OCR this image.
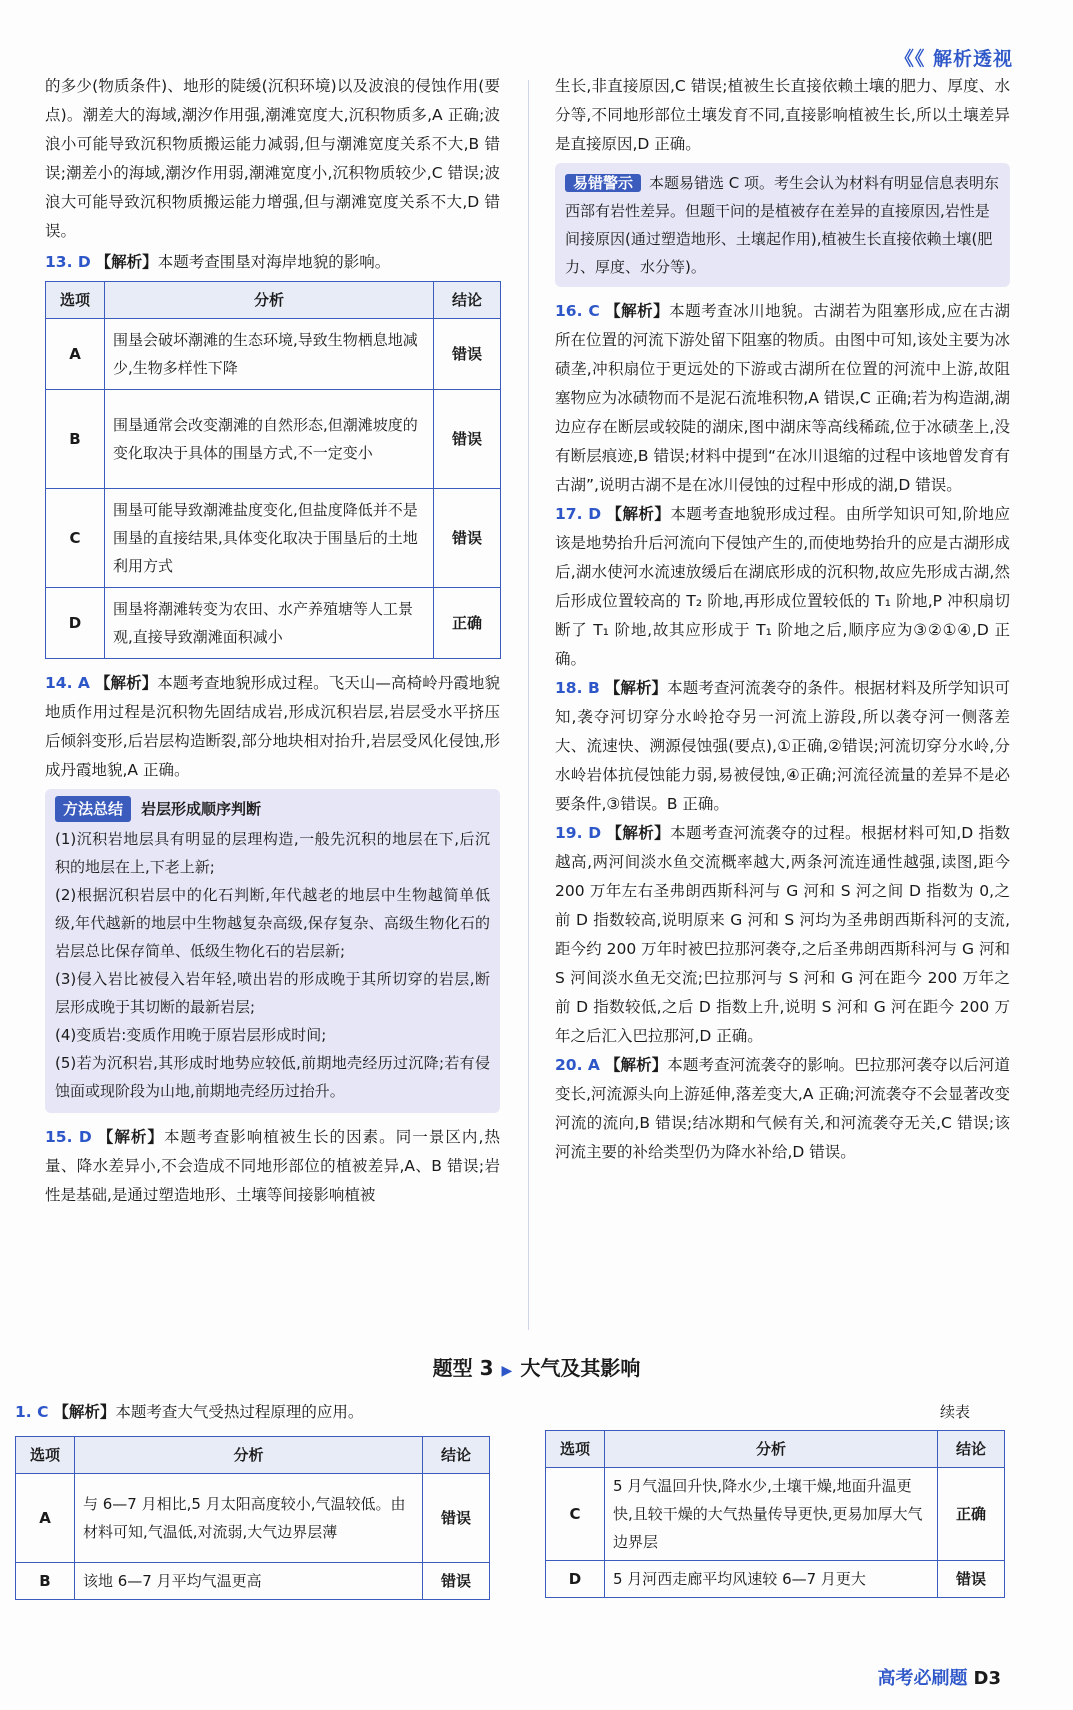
《《 解析透视

的多少(物质条件)、地形的陡缓(沉积环境)以及波浪的侵蚀作用(要点)。潮差大的海域,潮汐作用强,潮滩宽度大,沉积物质多,A 正确;波浪小可能导致沉积物质搬运能力减弱,但与潮滩宽度关系不大,B 错误;潮差小的海域,潮汐作用弱,潮滩宽度小,沉积物质较少,C 错误;波浪大可能导致沉积物质搬运能力增强,但与潮滩宽度关系不大,D 错误。

13. D 【解析】本题考查围垦对海岸地貌的影响。

选项	分析	结论
A	围垦会破坏潮滩的生态环境,导致生物栖息地减少,生物多样性下降	错误
B	围垦通常会改变潮滩的自然形态,但潮滩坡度的变化取决于具体的围垦方式,不一定变小	错误
C	围垦可能导致潮滩盐度变化,但盐度降低并不是围垦的直接结果,具体变化取决于围垦后的土地利用方式	错误
D	围垦将潮滩转变为农田、水产养殖塘等人工景观,直接导致潮滩面积减小	正确

14. A 【解析】本题考查地貌形成过程。飞天山—高椅岭丹霞地貌地质作用过程是沉积物先固结成岩,形成沉积岩层,岩层受水平挤压后倾斜变形,后岩层构造断裂,部分地块相对抬升,岩层受风化侵蚀,形成丹霞地貌,A 正确。

方法总结	岩层形成顺序判断

(1)沉积岩地层具有明显的层理构造,一般先沉积的地层在下,后沉积的地层在上,下老上新;

(2)根据沉积岩层中的化石判断,年代越老的地层中生物越简单低级,年代越新的地层中生物越复杂高级,保存复杂、高级生物化石的岩层总比保存简单、低级生物化石的岩层新;

(3)侵入岩比被侵入岩年轻,喷出岩的形成晚于其所切穿的岩层,断层形成晚于其切断的最新岩层;

(4)变质岩:变质作用晚于原岩层形成时间;

(5)若为沉积岩,其形成时地势应较低,前期地壳经历过沉降;若有侵蚀面或现阶段为山地,前期地壳经历过抬升。

15. D 【解析】本题考查影响植被生长的因素。同一景区内,热量、降水差异小,不会造成不同地形部位的植被差异,A、B 错误;岩性是基础,是通过塑造地形、土壤等间接影响植被

生长,非直接原因,C 错误;植被生长直接依赖土壤的肥力、厚度、水分等,不同地形部位土壤发育不同,直接影响植被生长,所以土壤差异是直接原因,D 正确。

易错警示 本题易错选 C 项。考生会认为材料有明显信息表明东西部有岩性差异。但题干问的是植被存在差异的直接原因,岩性是间接原因(通过塑造地形、土壤起作用),植被生长直接依赖土壤(肥力、厚度、水分等)。

16. C 【解析】本题考查冰川地貌。古湖若为阻塞形成,应在古湖所在位置的河流下游处留下阻塞的物质。由图中可知,该处主要为冰碛垄,冲积扇位于更远处的下游或古湖所在位置的河流中上游,故阻塞物应为冰碛物而不是泥石流堆积物,A 错误,C 正确;若为构造湖,湖边应存在断层或较陡的湖床,图中湖床等高线稀疏,位于冰碛垄上,没有断层痕迹,B 错误;材料中提到“在冰川退缩的过程中该地曾发育有古湖”,说明古湖不是在冰川侵蚀的过程中形成的湖,D 错误。

17. D 【解析】本题考查地貌形成过程。由所学知识可知,阶地应该是地势抬升后河流向下侵蚀产生的,而使地势抬升的应是古湖形成后,湖水使河水流速放缓后在湖底形成的沉积物,故应先形成古湖,然后形成位置较高的 T₂ 阶地,再形成位置较低的 T₁ 阶地,P 冲积扇切断了 T₁ 阶地,故其应形成于 T₁ 阶地之后,顺序应为③②①④,D 正确。

18. B 【解析】本题考查河流袭夺的条件。根据材料及所学知识可知,袭夺河切穿分水岭抢夺另一河流上游段,所以袭夺河一侧落差大、流速快、溯源侵蚀强(要点),①正确,②错误;河流切穿分水岭,分水岭岩体抗侵蚀能力弱,易被侵蚀,④正确;河流径流量的差异不是必要条件,③错误。B 正确。

19. D 【解析】本题考查河流袭夺的过程。根据材料可知,D 指数越高,两河间淡水鱼交流概率越大,两条河流连通性越强,读图,距今 200 万年左右圣弗朗西斯科河与 G 河和 S 河之间 D 指数为 0,之前 D 指数较高,说明原来 G 河和 S 河均为圣弗朗西斯科河的支流,距今约 200 万年时被巴拉那河袭夺,之后圣弗朗西斯科河与 G 河和 S 河间淡水鱼无交流;巴拉那河与 S 河和 G 河在距今 200 万年之前 D 指数较低,之后 D 指数上升,说明 S 河和 G 河在距今 200 万年之后汇入巴拉那河,D 正确。

20. A 【解析】本题考查河流袭夺的影响。巴拉那河袭夺以后河道变长,河流源头向上游延伸,落差变大,A 正确;河流袭夺不会显著改变河流的流向,B 错误;结冰期和气候有关,和河流袭夺无关,C 错误;该河流主要的补给类型仍为降水补给,D 错误。

题型 3 ▶ 大气及其影响

1. C 【解析】本题考查大气受热过程原理的应用。

选项	分析	结论
A	与 6—7 月相比,5 月太阳高度较小,气温较低。由材料可知,气温低,对流弱,大气边界层薄	错误
B	该地 6—7 月平均气温更高	错误
续表
选项	分析	结论
C	5 月气温回升快,降水少,土壤干燥,地面升温更快,且较干燥的大气热量传导更快,更易加厚大气边界层	正确
D	5 月河西走廊平均风速较 6—7 月更大	错误
高考必刷题 D3
